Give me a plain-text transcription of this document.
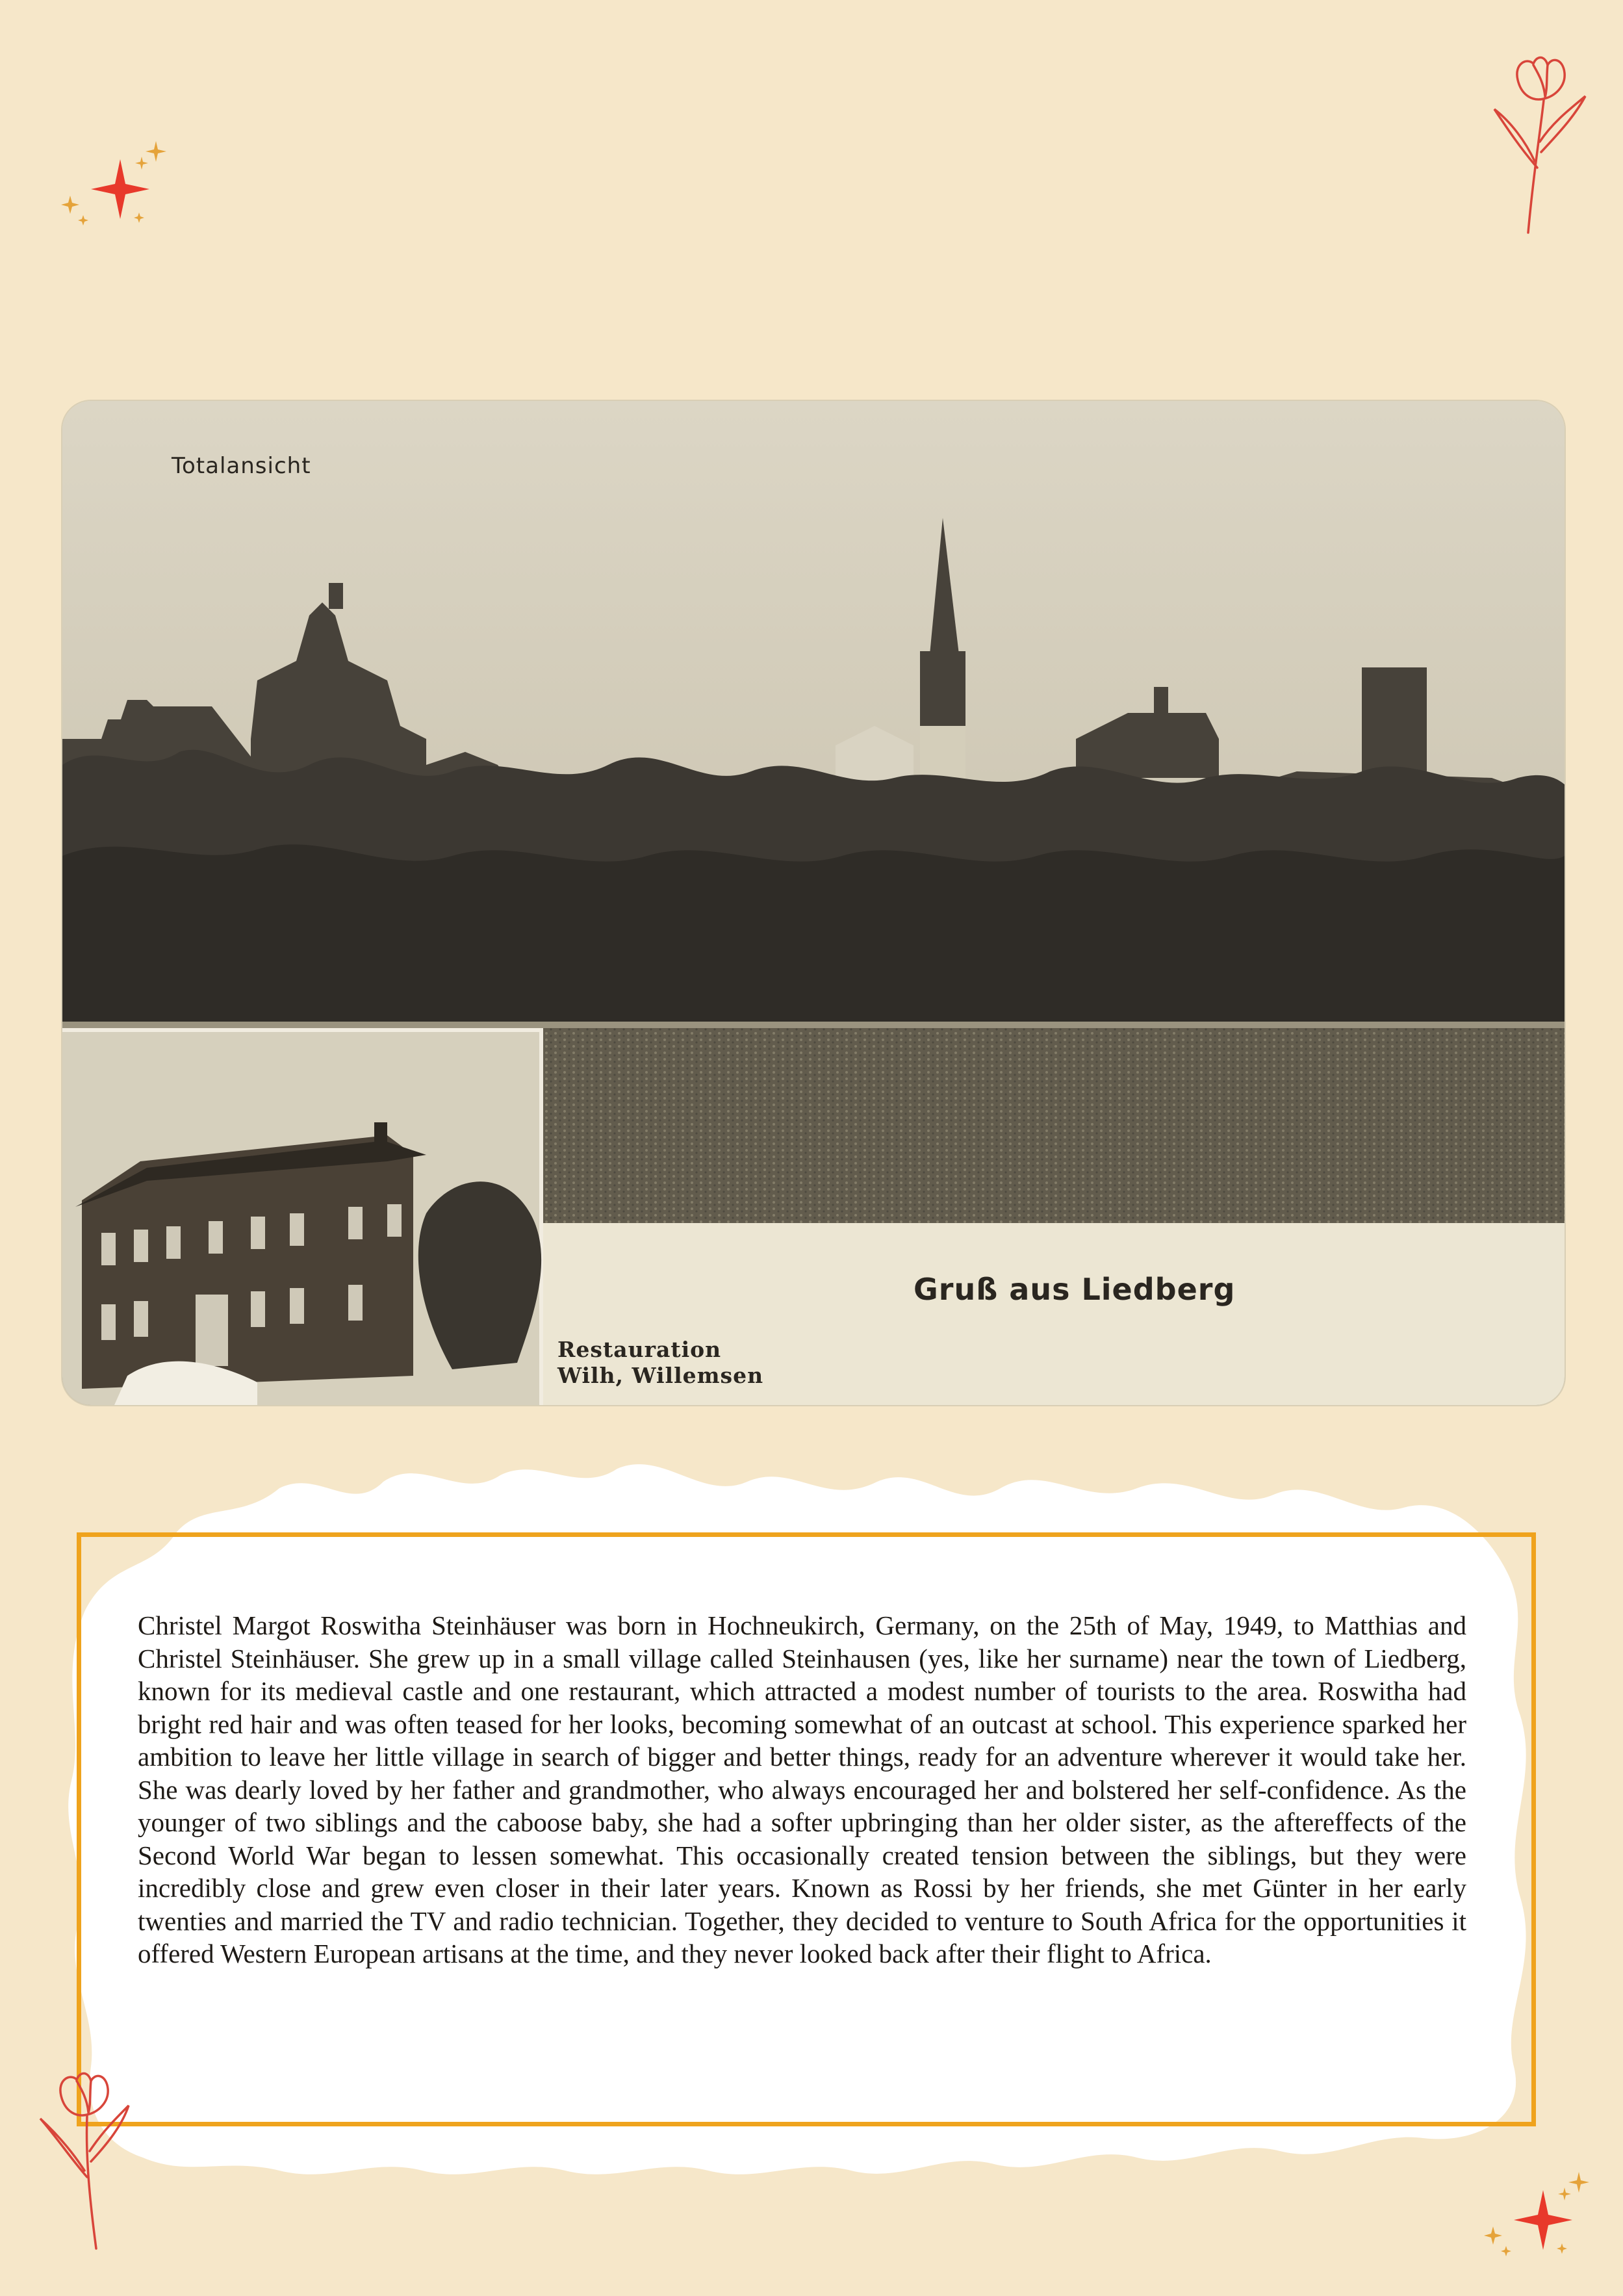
Totalansicht

Gruß aus Liedberg

Restauration
Wilh, Willemsen

Christel Margot Roswitha Steinhäuser was born in Hochneukirch, Germany, on the 25th of May, 1949, to Matthias and Christel Steinhäuser. She grew up in a small village called Steinhausen (yes, like her surname) near the town of Liedberg, known for its medieval castle and one restaurant, which attracted a modest number of tourists to the area. Roswitha had bright red hair and was often teased for her looks, becoming somewhat of an outcast at school. This experience sparked her ambition to leave her little village in search of bigger and better things, ready for an adventure wherever it would take her. She was dearly loved by her father and grandmother, who always encouraged her and bolstered her self-confidence. As the younger of two siblings and the caboose baby, she had a softer upbringing than her older sister, as the aftereffects of the Second World War began to lessen somewhat. This occasionally created tension between the siblings, but they were incredibly close and grew even closer in their later years. Known as Rossi by her friends, she met Günter in her early twenties and married the TV and radio technician. Together, they decided to venture to South Africa for the opportunities it offered Western European artisans at the time, and they never looked back after their flight to Africa.
